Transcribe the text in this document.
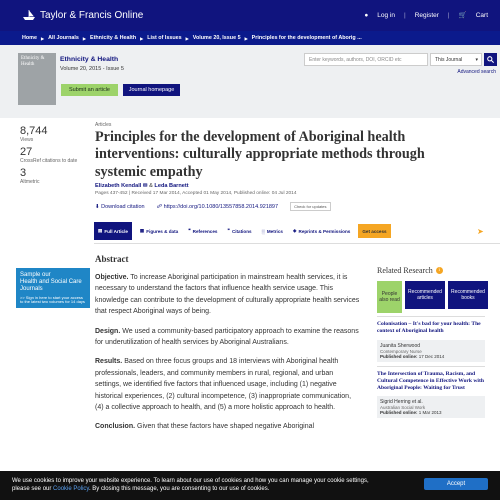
Taylor & Francis Online	● Log in | Register | 🛒 Cart
Home ▶ All Journals ▶ Ethnicity & Health ▶ List of Issues ▶ Volume 20, Issue 5 ▶ Principles for the development of Aborig ...
Ethnicity & Health
Ethnicity & Health
Volume 20, 2015 - Issue 5
Submit an article	Journal homepage
Enter keywords, authors, DOI, ORCID etc	This Journal	▾
Advanced search
8,744
Views
27
CrossRef citations to date
3
Altmetric
Articles
Principles for the development of Aboriginal health interventions: culturally appropriate methods through systemic empathy
Elizabeth Kendall ✉ & Leda Barnett
Pages 437-452 | Received 17 Mar 2014, Accepted 01 May 2014, Published online: 04 Jul 2014
⬇ Download citation ☍ https://doi.org/10.1080/13557858.2014.921897	Check for updates
▤ Full Article	▦ Figures & data ❝ References ❞ Citations ░ Metrics ◈ Reprints & Permissions	Get access	➤
Sample our
Health and Social Care Journals
>> Sign in here to start your access to the latest two volumes for 14 days
Abstract

Objective. To increase Aboriginal participation in mainstream health services, it is necessary to understand the factors that influence health service usage. This knowledge can contribute to the development of culturally appropriate health services that respect Aboriginal ways of being.

Design. We used a community-based participatory approach to examine the reasons for underutilization of health services by Aboriginal Australians.

Results. Based on three focus groups and 18 interviews with Aboriginal health professionals, leaders, and community members in rural, regional, and urban settings, we identified five factors that influenced usage, including (1) negative historical experiences, (2) cultural incompetence, (3) inappropriate communication, (4) a collective approach to health, and (5) a more holistic approach to health.

Conclusion. Given that these factors have shaped negative Aboriginal

Related Research	i
People also read
Recommended articles
Recommended books
Colonisation – It's bad for your health: The context of Aboriginal health
Juanita Sherwood
Contemporary Nurse
Published online: 17 Dec 2014
The Intersection of Trauma, Racism, and Cultural Competence in Effective Work with Aboriginal People: Waiting for Trust
Sigrid Herring et al.
Australian Social Work
Published online: 1 Mar 2013
We use cookies to improve your website experience. To learn about our use of cookies and how you can manage your cookie settings,
please see our Cookie Policy. By closing this message, you are consenting to our use of cookies.
Accept
